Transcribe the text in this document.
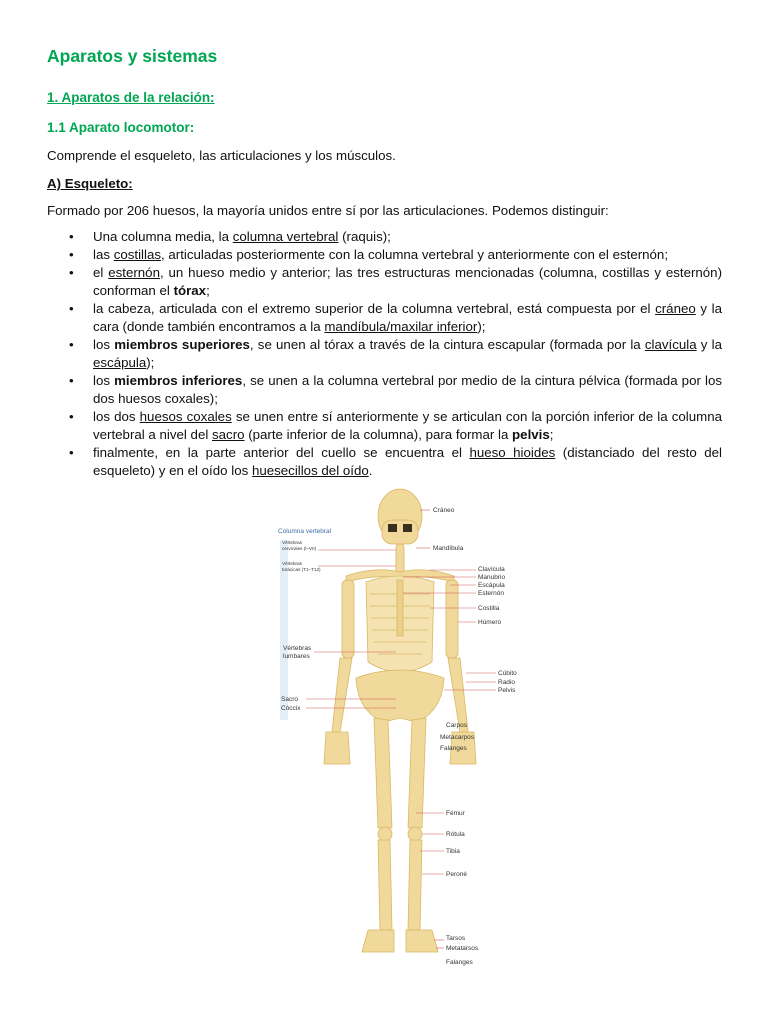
Aparatos y sistemas

1. Aparatos de la relación:

1.1 Aparato locomotor:

Comprende el esqueleto, las articulaciones y los músculos.

A) Esqueleto:

Formado por 206 huesos, la mayoría unidos entre sí por las articulaciones. Podemos distinguir:

• Una columna media, la columna vertebral (raquis);
• las costillas, articuladas posteriormente con la columna vertebral y anteriormente con el esternón;
• el esternón, un hueso medio y anterior; las tres estructuras mencionadas (columna, costillas y esternón) conforman el tórax;
• la cabeza, articulada con el extremo superior de la columna vertebral, está compuesta por el cráneo y la cara (donde también encontramos a la mandíbula/maxilar inferior);
• los miembros superiores, se unen al tórax a través de la cintura escapular (formada por la clavícula y la escápula);
• los miembros inferiores, se unen a la columna vertebral por medio de la cintura pélvica (formada por los dos huesos coxales);
• los dos huesos coxales se unen entre sí anteriormente y se articulan con la porción inferior de la columna vertebral a nivel del sacro (parte inferior de la columna), para formar la pelvis;
• finalmente, en la parte anterior del cuello se encuentra el hueso hioides (distanciado del resto del esqueleto) y en el oído los huesecillos del oído.
Columna vertebral
Vértebras
cervicales (I–VII)
Vértebras
torácicas (T1–T12)
Vértebras
lumbares
Sacro
Cóccix
Cráneo
Mandíbula
Clavícula
Manubrio
Escápula
Esternón
Costilla
Húmero
Cúbito
Radio
Pelvis
Carpos
Metacarpos
Falanges
Fémur
Rótula
Tibia
Peroné
Tarsos
Metatarsos
Falanges
